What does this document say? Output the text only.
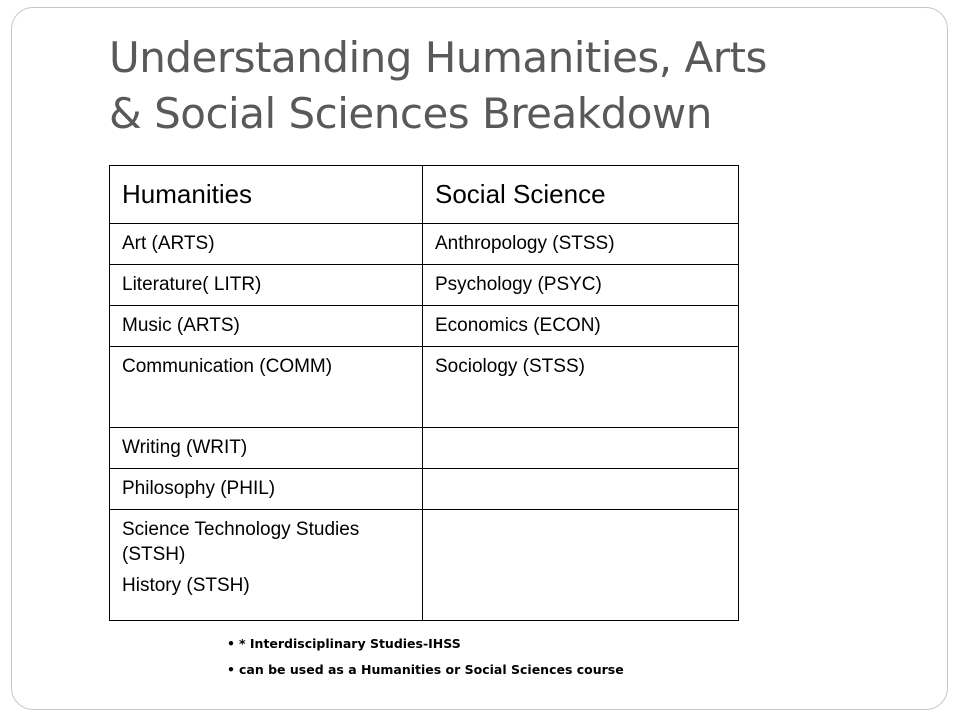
Understanding Humanities, Arts
& Social Sciences Breakdown
Humanities	Social Science
Art (ARTS)	Anthropology (STSS)
Literature( LITR)	Psychology (PSYC)
Music (ARTS)	Economics (ECON)
Communication (COMM)	Sociology (STSS)
Writing (WRIT)	
Philosophy (PHIL)	

Science Technology Studies (STSH)
History (STSH)	

• * Interdisciplinary Studies-IHSS
• can be used as a Humanities or Social Sciences course
